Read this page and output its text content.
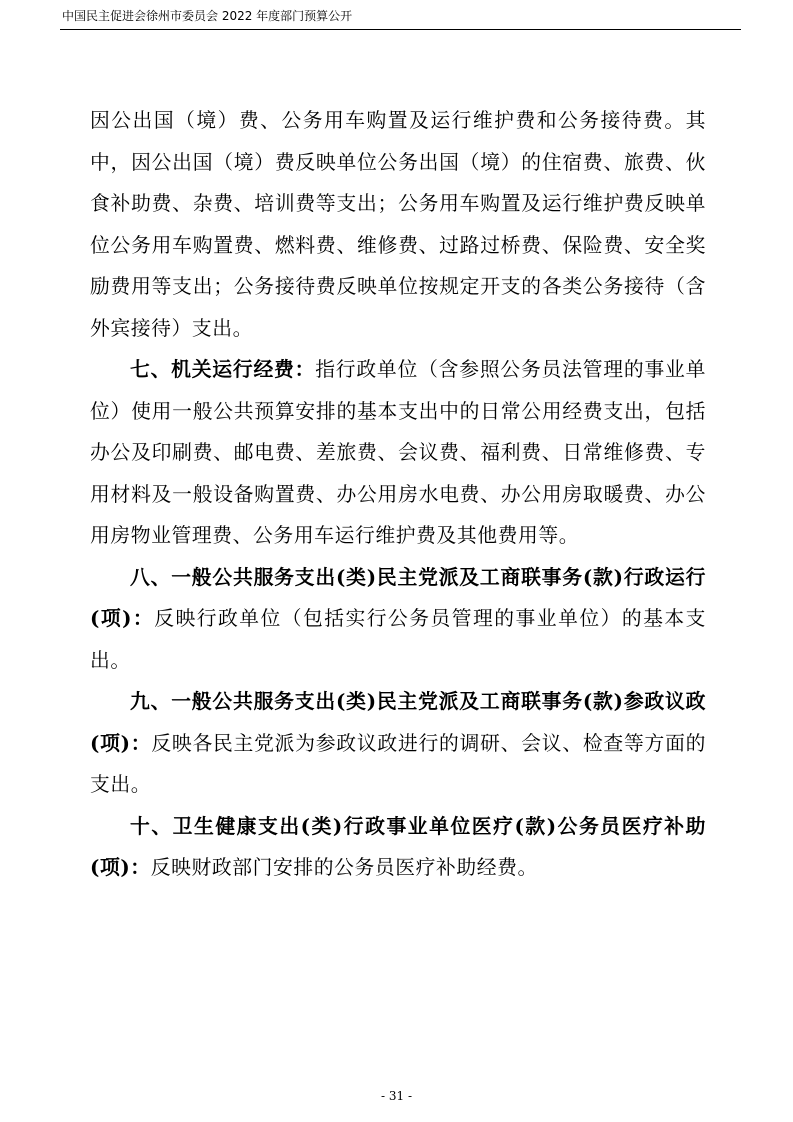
中国民主促进会徐州市委员会 2022 年度部门预算公开

因公出国（境）费、公务用车购置及运行维护费和公务接待费。其中，因公出国（境）费反映单位公务出国（境）的住宿费、旅费、伙食补助费、杂费、培训费等支出；公务用车购置及运行维护费反映单位公务用车购置费、燃料费、维修费、过路过桥费、保险费、安全奖励费用等支出；公务接待费反映单位按规定开支的各类公务接待（含外宾接待）支出。

七、机关运行经费：指行政单位（含参照公务员法管理的事业单位）使用一般公共预算安排的基本支出中的日常公用经费支出，包括办公及印刷费、邮电费、差旅费、会议费、福利费、日常维修费、专用材料及一般设备购置费、办公用房水电费、办公用房取暖费、办公用房物业管理费、公务用车运行维护费及其他费用等。

八、一般公共服务支出(类)民主党派及工商联事务(款)行政运行(项)：反映行政单位（包括实行公务员管理的事业单位）的基本支出。

九、一般公共服务支出(类)民主党派及工商联事务(款)参政议政(项)：反映各民主党派为参政议政进行的调研、会议、检查等方面的支出。

十、卫生健康支出(类)行政事业单位医疗(款)公务员医疗补助(项)：反映财政部门安排的公务员医疗补助经费。

- 31 -
